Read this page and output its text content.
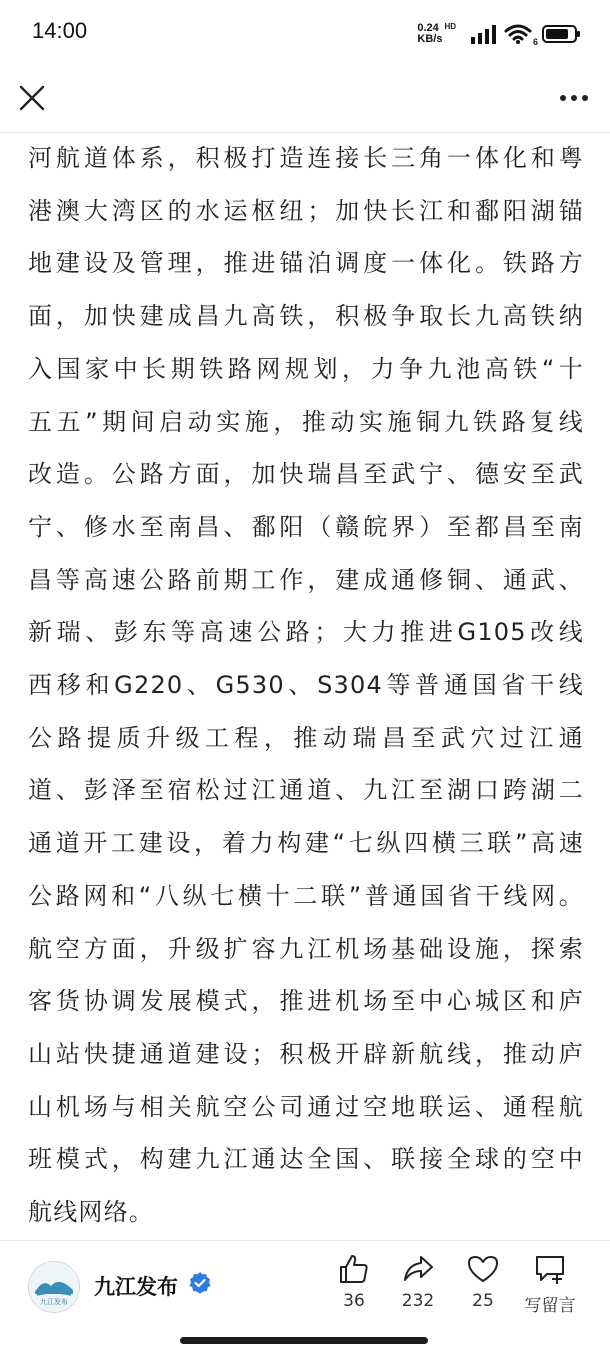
14:00	0.24
KB/s
HD
6
河航道体系，积极打造连接长三角一体化和粤
港澳大湾区的水运枢纽；加快长江和鄱阳湖锚
地建设及管理，推进锚泊调度一体化。铁路方
面，加快建成昌九高铁，积极争取长九高铁纳
入国家中长期铁路网规划，力争九池高铁“十
五五”期间启动实施，推动实施铜九铁路复线
改造。公路方面，加快瑞昌至武宁、德安至武
宁、修水至南昌、鄱阳（赣皖界）至都昌至南
昌等高速公路前期工作，建成通修铜、通武、
新瑞、彭东等高速公路；大力推进G105改线
西移和G220、G530、S304等普通国省干线
公路提质升级工程，推动瑞昌至武穴过江通
道、彭泽至宿松过江通道、九江至湖口跨湖二
通道开工建设，着力构建“七纵四横三联”高速
公路网和“八纵七横十二联”普通国省干线网。
航空方面，升级扩容九江机场基础设施，探索
客货协调发展模式，推进机场至中心城区和庐
山站快捷通道建设；积极开辟新航线，推动庐
山机场与相关航空公司通过空地联运、通程航
班模式，构建九江通达全国、联接全球的空中
航线网络。
九江发布
九江发布
36	232	25	写留言
